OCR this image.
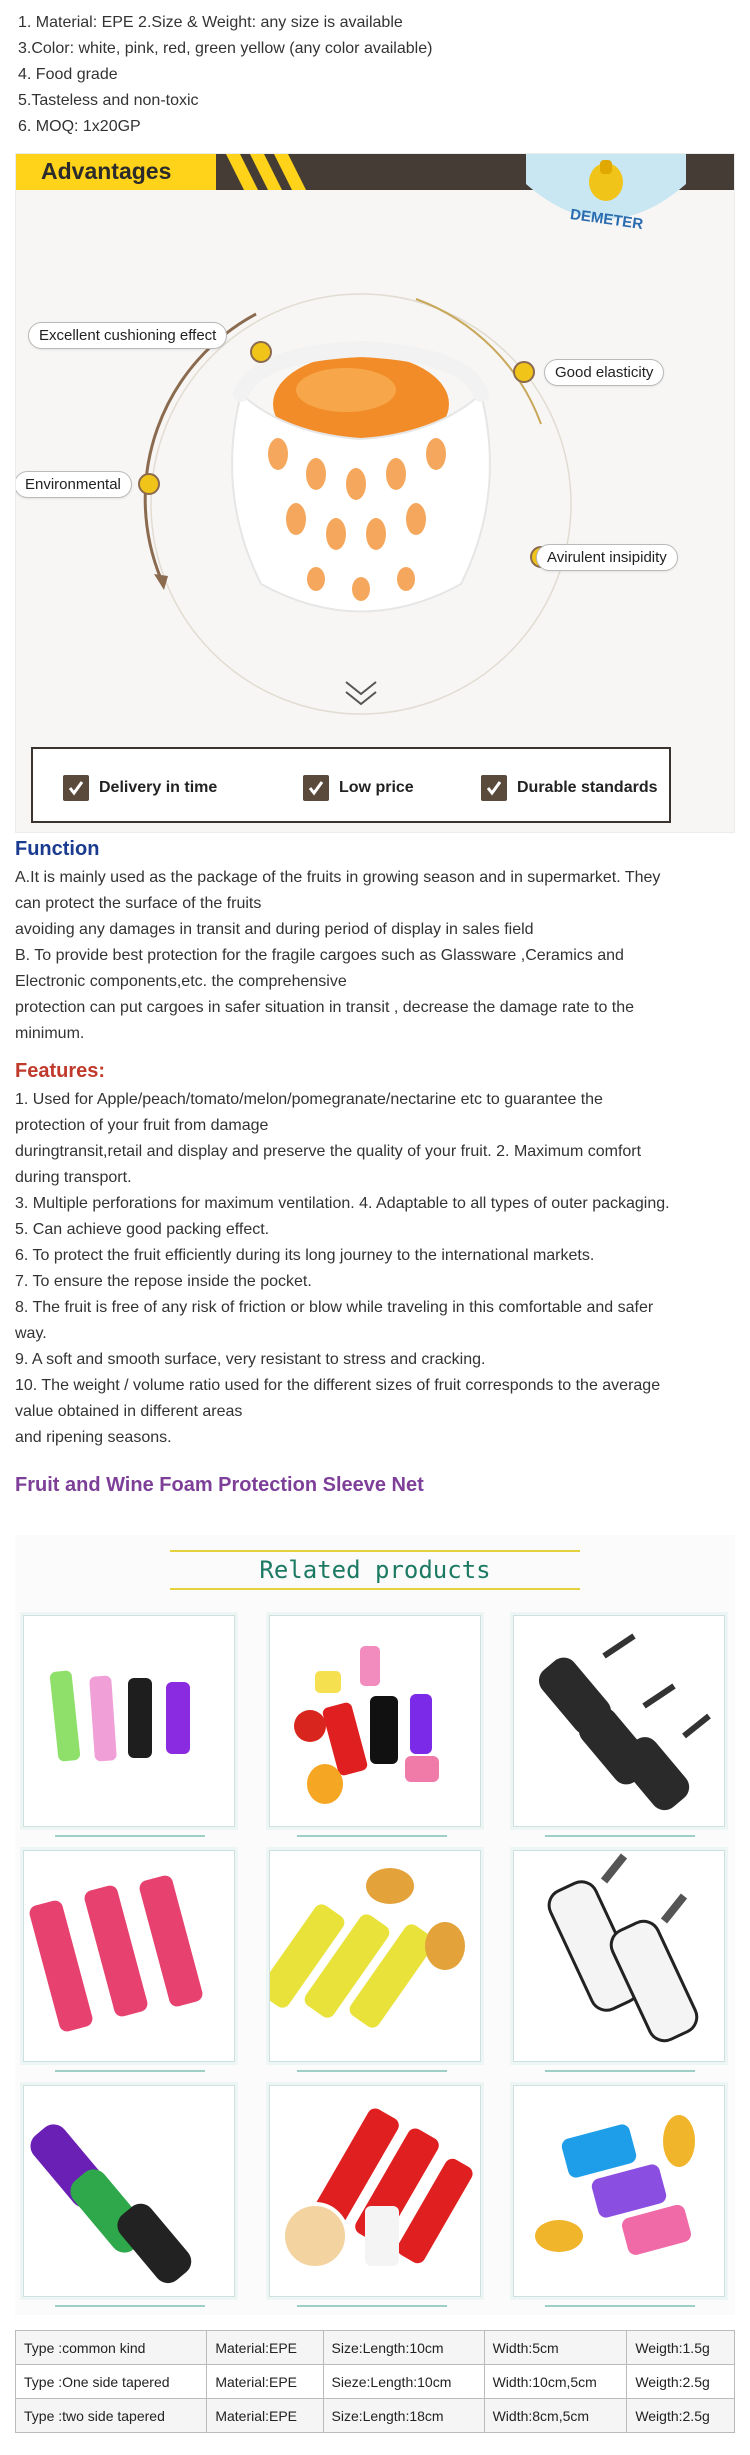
1. Material: EPE 2.Size & Weight: any size is available
3.Color: white, pink, red, green yellow (any color available)
4. Food grade
5.Tasteless and non-toxic
6. MOQ: 1x20GP
Advantages
DEMETER
Excellent cushioning effect
Good elasticity
Environmental
Avirulent insipidity
Delivery in time	Low price	Durable standards
Function
A.It is mainly used as the package of the fruits in growing season and in supermarket. They
can protect the surface of the fruits
avoiding any damages in transit and during period of display in sales field
B. To provide best protection for the fragile cargoes such as Glassware ,Ceramics and
Electronic components,etc. the comprehensive
protection can put cargoes in safer situation in transit , decrease the damage rate to the
minimum.
Features:
1. Used for Apple/peach/tomato/melon/pomegranate/nectarine etc to guarantee the
protection of your fruit from damage
duringtransit,retail and display and preserve the quality of your fruit. 2. Maximum comfort
during transport.
3. Multiple perforations for maximum ventilation. 4. Adaptable to all types of outer packaging.
5. Can achieve good packing effect.
6. To protect the fruit efficiently during its long journey to the international markets.
7. To ensure the repose inside the pocket.
8. The fruit is free of any risk of friction or blow while traveling in this comfortable and safer
way.
9. A soft and smooth surface, very resistant to stress and cracking.
10. The weight / volume ratio used for the different sizes of fruit corresponds to the average
value obtained in different areas
and ripening seasons.
Fruit and Wine Foam Protection Sleeve Net
Related products
Type :common kind	Material:EPE	Size:Length:10cm	Width:5cm	Weigth:1.5g
Type :One side tapered	Material:EPE	Sieze:Length:10cm	Width:10cm,5cm	Weigth:2.5g
Type :two side tapered	Material:EPE	Size:Length:18cm	Width:8cm,5cm	Weigth:2.5g
